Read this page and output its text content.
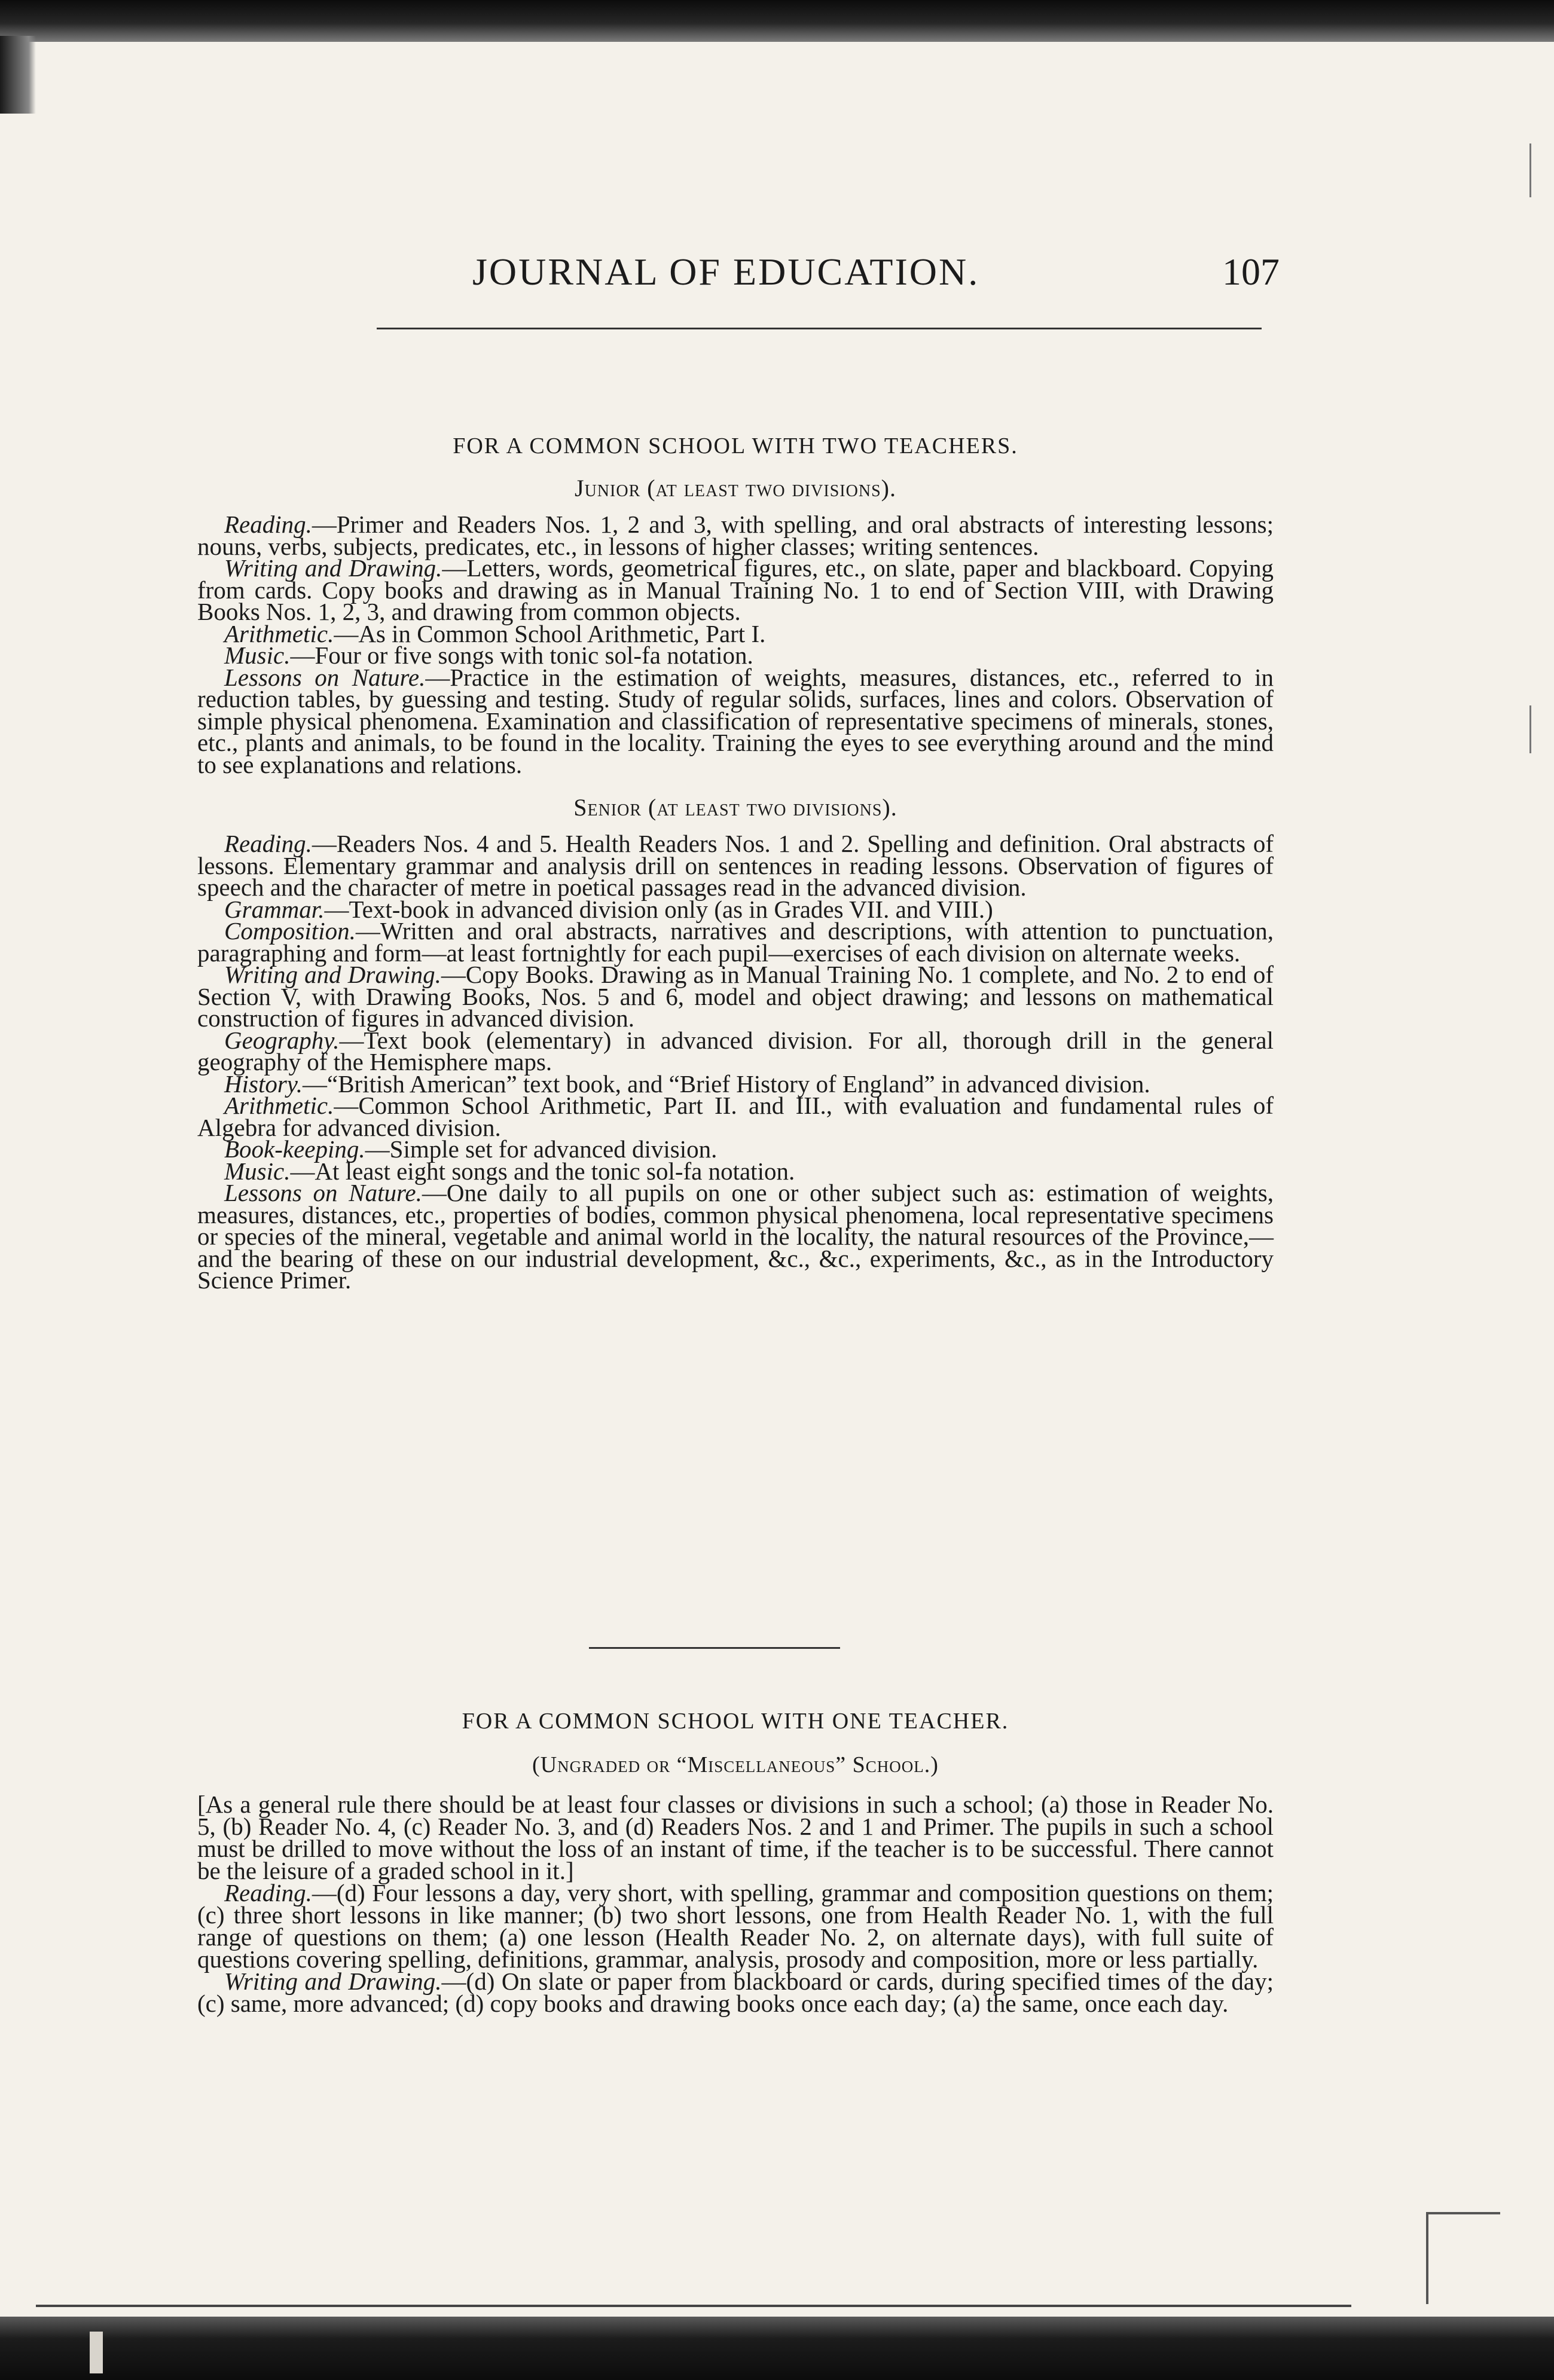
JOURNAL OF EDUCATION.	107
FOR A COMMON SCHOOL WITH TWO TEACHERS.
Junior (at least two divisions).

Reading.—Primer and Readers Nos. 1, 2 and 3, with spelling, and oral abstracts of interesting lessons; nouns, verbs, subjects, predicates, etc., in lessons of higher classes; writing sentences.

Writing and Drawing.—Letters, words, geometrical figures, etc., on slate, paper and blackboard. Copying from cards. Copy books and drawing as in Manual Training No. 1 to end of Section VIII, with Drawing Books Nos. 1, 2, 3, and drawing from common objects.

Arithmetic.—As in Common School Arithmetic, Part I.

Music.—Four or five songs with tonic sol-fa notation.

Lessons on Nature.—Practice in the estimation of weights, measures, distances, etc., referred to in reduction tables, by guessing and testing. Study of regular solids, surfaces, lines and colors. Observation of simple physical phenomena. Examination and classification of representative specimens of minerals, stones, etc., plants and animals, to be found in the locality. Training the eyes to see everything around and the mind to see explanations and relations.

Senior (at least two divisions).

Reading.—Readers Nos. 4 and 5. Health Readers Nos. 1 and 2. Spelling and definition. Oral abstracts of lessons. Elementary grammar and analysis drill on sentences in reading lessons. Observation of figures of speech and the character of metre in poetical passages read in the advanced division.

Grammar.—Text-book in advanced division only (as in Grades VII. and VIII.)

Composition.—Written and oral abstracts, narratives and descriptions, with attention to punctuation, paragraphing and form—at least fortnightly for each pupil—exercises of each division on alternate weeks.

Writing and Drawing.—Copy Books. Drawing as in Manual Training No. 1 complete, and No. 2 to end of Section V, with Drawing Books, Nos. 5 and 6, model and object drawing; and lessons on mathematical construction of figures in advanced division.

Geography.—Text book (elementary) in advanced division. For all, thorough drill in the general geography of the Hemisphere maps.

History.—“British American” text book, and “Brief History of England” in advanced division.

Arithmetic.—Common School Arithmetic, Part II. and III., with evaluation and fundamental rules of Algebra for advanced division.

Book-keeping.—Simple set for advanced division.

Music.—At least eight songs and the tonic sol-fa notation.

Lessons on Nature.—One daily to all pupils on one or other subject such as: estimation of weights, measures, distances, etc., properties of bodies, common physical phenomena, local representative specimens or species of the mineral, vegetable and animal world in the locality, the natural resources of the Province,—and the bearing of these on our industrial development, &c., &c., experiments, &c., as in the Introductory Science Primer.

FOR A COMMON SCHOOL WITH ONE TEACHER.
(Ungraded or “Miscellaneous” School.)

[As a general rule there should be at least four classes or divisions in such a school; (a) those in Reader No. 5, (b) Reader No. 4, (c) Reader No. 3, and (d) Readers Nos. 2 and 1 and Primer. The pupils in such a school must be drilled to move without the loss of an instant of time, if the teacher is to be successful. There cannot be the leisure of a graded school in it.]

Reading.—(d) Four lessons a day, very short, with spelling, grammar and composition questions on them; (c) three short lessons in like manner; (b) two short lessons, one from Health Reader No. 1, with the full range of questions on them; (a) one lesson (Health Reader No. 2, on alternate days), with full suite of questions covering spelling, definitions, grammar, analysis, prosody and composition, more or less partially.

Writing and Drawing.—(d) On slate or paper from blackboard or cards, during specified times of the day; (c) same, more advanced; (d) copy books and drawing books once each day; (a) the same, once each day.
